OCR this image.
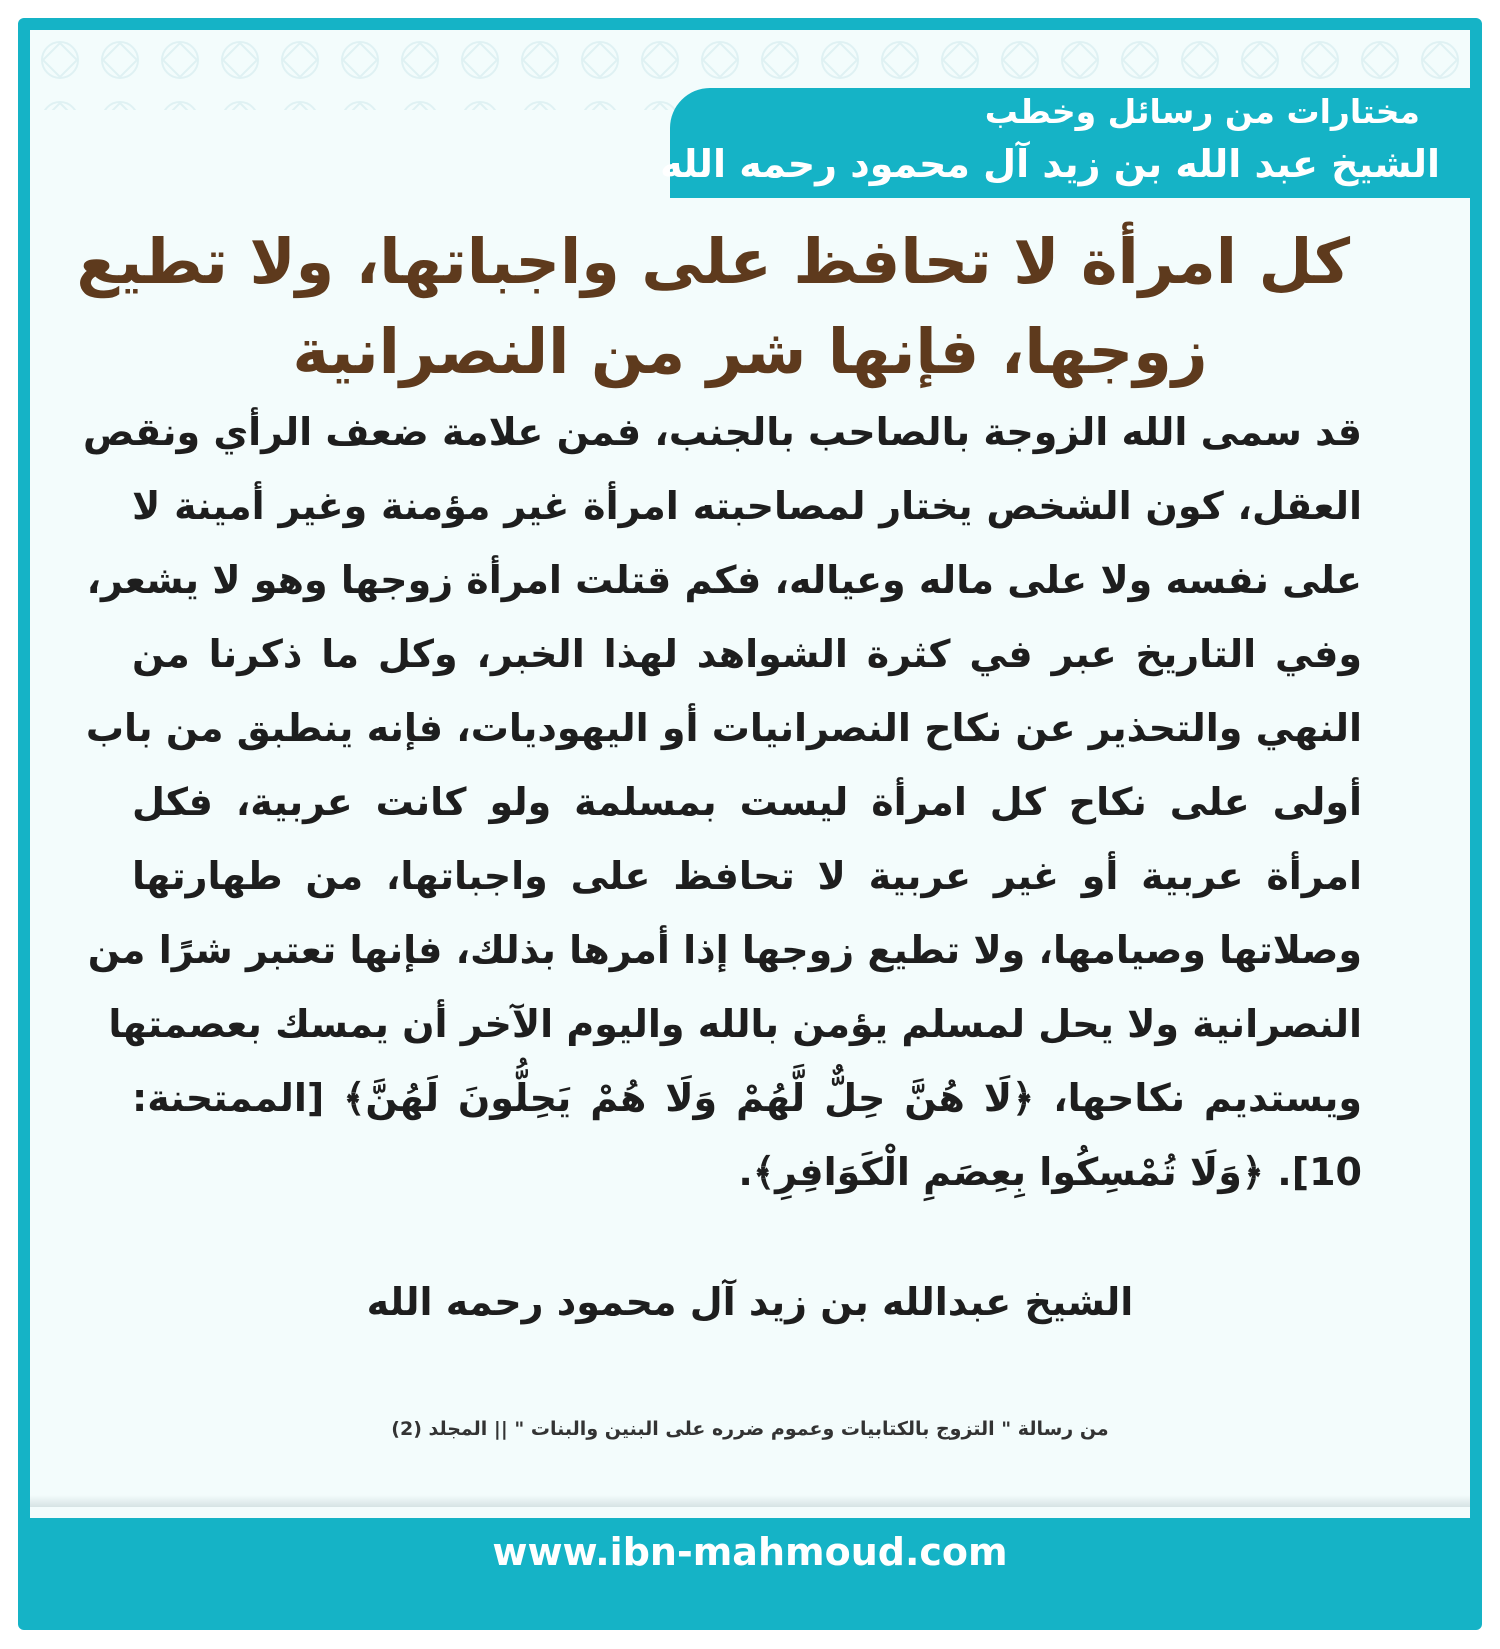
مختارات من رسائل وخطب
الشيخ عبد الله بن زيد آل محمود رحمه الله
كل امرأة لا تحافظ على واجباتها، ولا تطيع
زوجها، فإنها شر من النصرانية
قد سمى الله الزوجة بالصاحب بالجنب، فمن علامة ضعف الرأي ونقص
العقل، كون الشخص يختار لمصاحبته امرأة غير مؤمنة وغير أمينة لا
على نفسه ولا على ماله وعياله، فكم قتلت امرأة زوجها وهو لا يشعر،
وفي التاريخ عبر في كثرة الشواهد لهذا الخبر، وكل ما ذكرنا من
النهي والتحذير عن نكاح النصرانيات أو اليهوديات، فإنه ينطبق من باب
أولى على نكاح كل امرأة ليست بمسلمة ولو كانت عربية، فكل
امرأة عربية أو غير عربية لا تحافظ على واجباتها، من طهارتها
وصلاتها وصيامها، ولا تطيع زوجها إذا أمرها بذلك، فإنها تعتبر شرًا من
النصرانية ولا يحل لمسلم يؤمن بالله واليوم الآخر أن يمسك بعصمتها
ويستديم نكاحها، ﴿لَا هُنَّ حِلٌّ لَّهُمْ وَلَا هُمْ يَحِلُّونَ لَهُنَّ﴾ [الممتحنة:
10]. ﴿وَلَا تُمْسِكُوا بِعِصَمِ الْكَوَافِرِ﴾.
الشيخ عبدالله بن زيد آل محمود رحمه الله
من رسالة " التزوج بالكتابيات وعموم ضرره على البنين والبنات " || المجلد (2)
www.ibn-mahmoud.com
